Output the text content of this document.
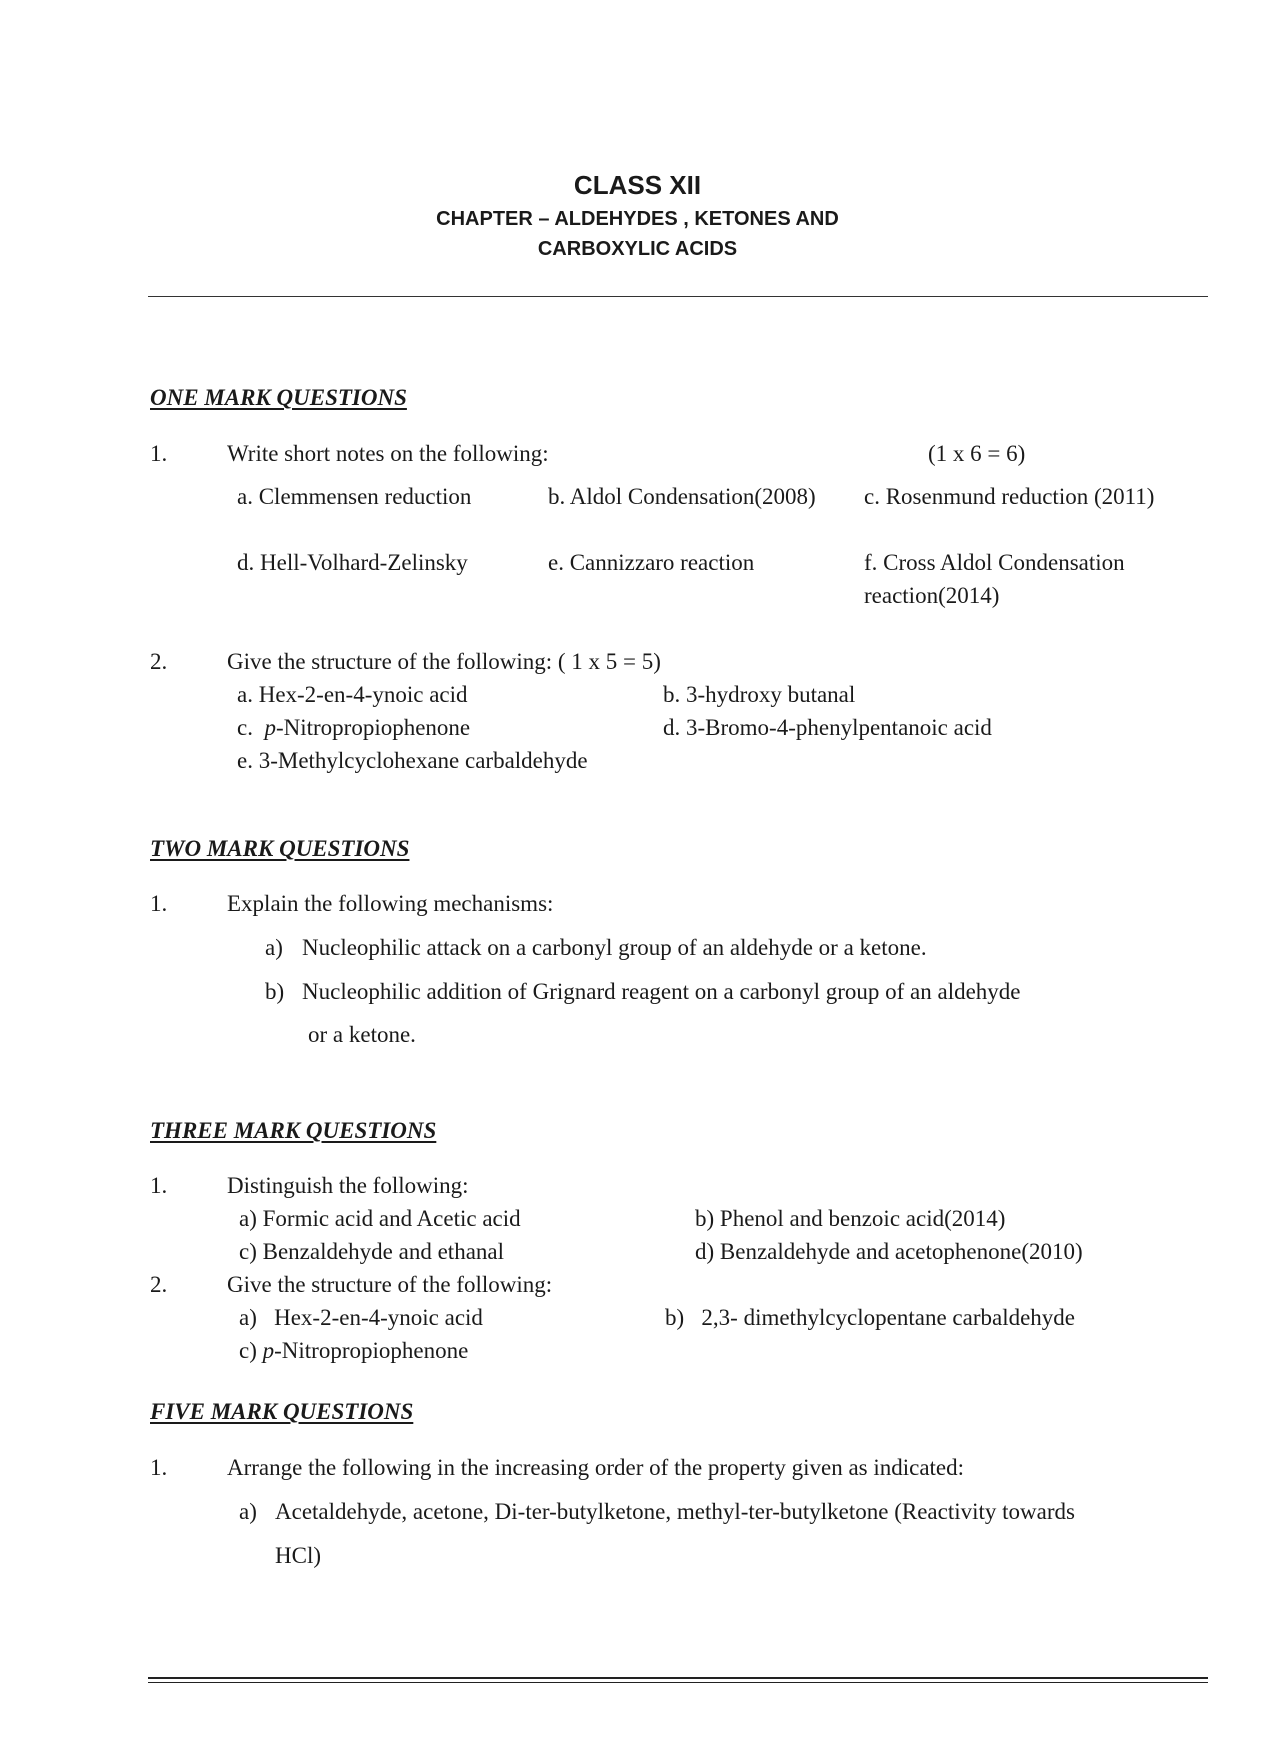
CLASS XII
CHAPTER – ALDEHYDES , KETONES AND
CARBOXYLIC ACIDS
ONE MARK QUESTIONS
1.	Write short notes on the following:	(1 x 6 = 6)
a. Clemmensen reduction	b. Aldol Condensation(2008) c. Rosenmund reduction (2011)
d. Hell-Volhard-Zelinsky	e. Cannizzaro reaction	f. Cross Aldol Condensation
reaction(2014)
2.	Give the structure of the following: ( 1 x 5 = 5)
a. Hex-2-en-4-ynoic acid	b. 3-hydroxy butanal
c.  p-Nitropropiophenone	d. 3-Bromo-4-phenylpentanoic acid
e. 3-Methylcyclohexane carbaldehyde
TWO MARK QUESTIONS
1.	Explain the following mechanisms:
a) Nucleophilic attack on a carbonyl group of an aldehyde or a ketone.
b) Nucleophilic addition of Grignard reagent on a carbonyl group of an aldehyde
or a ketone.
THREE MARK QUESTIONS
1.	Distinguish the following:
a) Formic acid and Acetic acid	b) Phenol and benzoic acid(2014)
c) Benzaldehyde and ethanal	d) Benzaldehyde and acetophenone(2010)
2.	Give the structure of the following:
a)   Hex-2-en-4-ynoic acid	b)   2,3- dimethylcyclopentane carbaldehyde
c) p-Nitropropiophenone
FIVE MARK QUESTIONS
1.	Arrange the following in the increasing order of the property given as indicated:
a) Acetaldehyde, acetone, Di-ter-butylketone, methyl-ter-butylketone (Reactivity towards
HCl)
